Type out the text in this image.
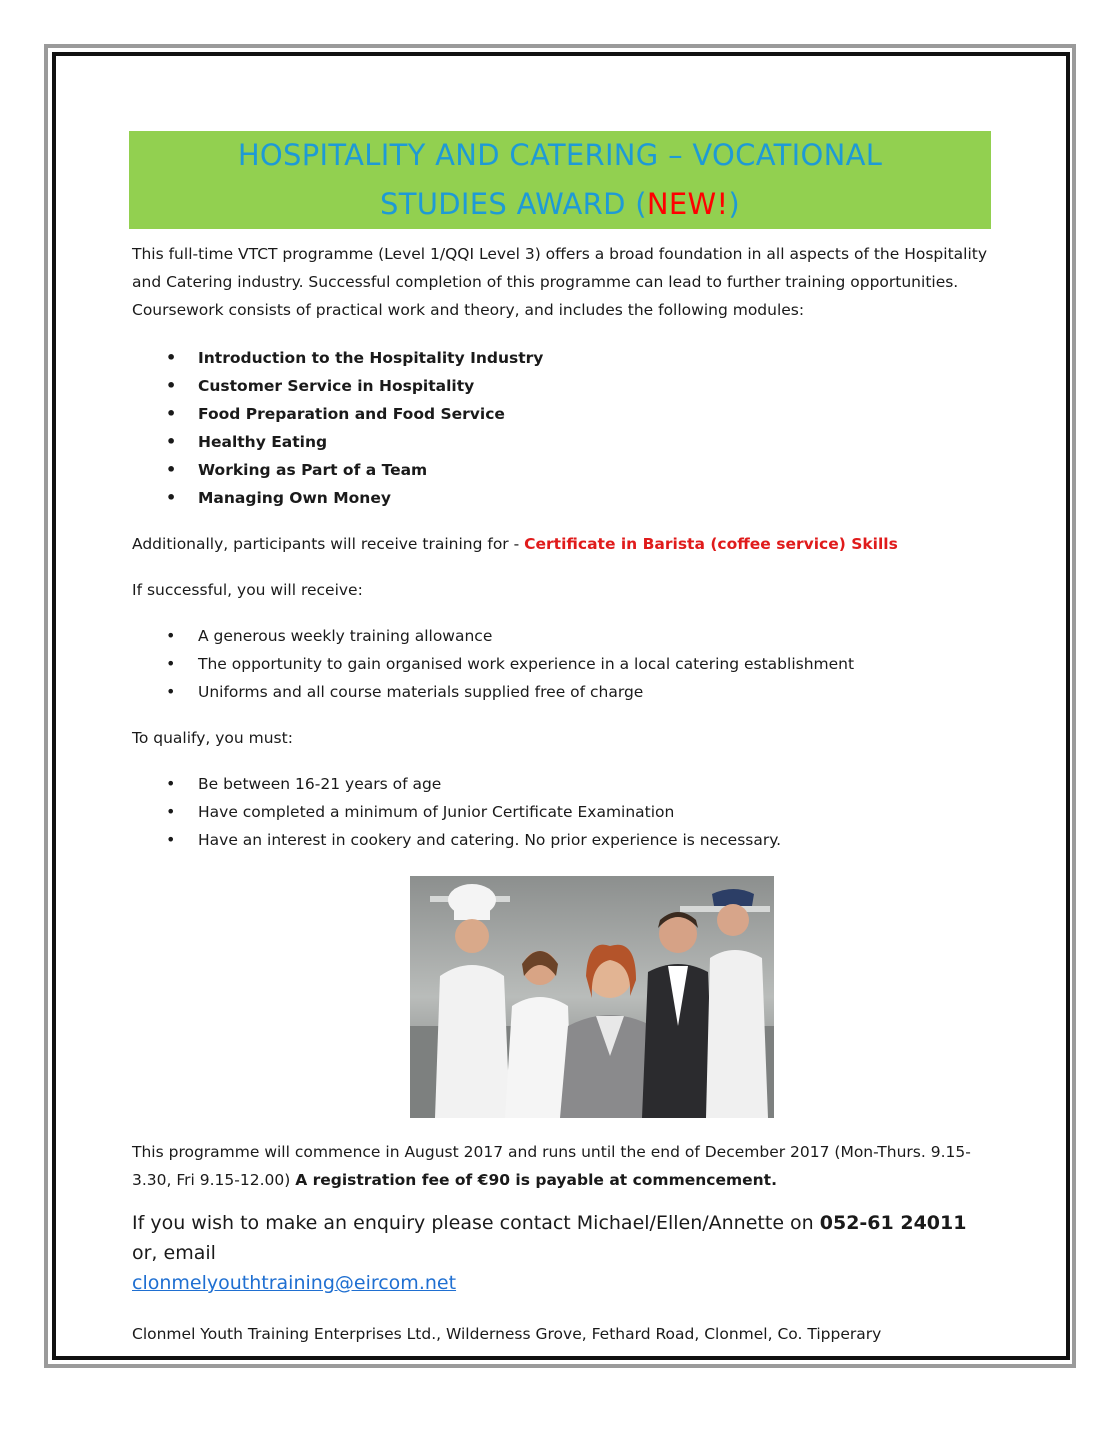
HOSPITALITY AND CATERING – VOCATIONAL
STUDIES AWARD (NEW!)

This full-time VTCT programme (Level 1/QQI Level 3) offers a broad foundation in all aspects of the Hospitality and Catering industry. Successful completion of this programme can lead to further training opportunities. Coursework consists of practical work and theory, and includes the following modules:

• Introduction to the Hospitality Industry
• Customer Service in Hospitality
• Food Preparation and Food Service
• Healthy Eating
• Working as Part of a Team
• Managing Own Money

Additionally, participants will receive training for - Certificate in Barista (coffee service) Skills

If successful, you will receive:

• A generous weekly training allowance
• The opportunity to gain organised work experience in a local catering establishment
• Uniforms and all course materials supplied free of charge

To qualify, you must:

• Be between 16-21 years of age
• Have completed a minimum of Junior Certificate Examination
• Have an interest in cookery and catering. No prior experience is necessary.

This programme will commence in August 2017 and runs until the end of December 2017 (Mon-Thurs. 9.15-3.30, Fri 9.15-12.00) A registration fee of €90 is payable at commencement.

If you wish to make an enquiry please contact Michael/Ellen/Annette on 052-61 24011 or, email
clonmelyouthtraining@eircom.net

Clonmel Youth Training Enterprises Ltd., Wilderness Grove, Fethard Road, Clonmel, Co. Tipperary
